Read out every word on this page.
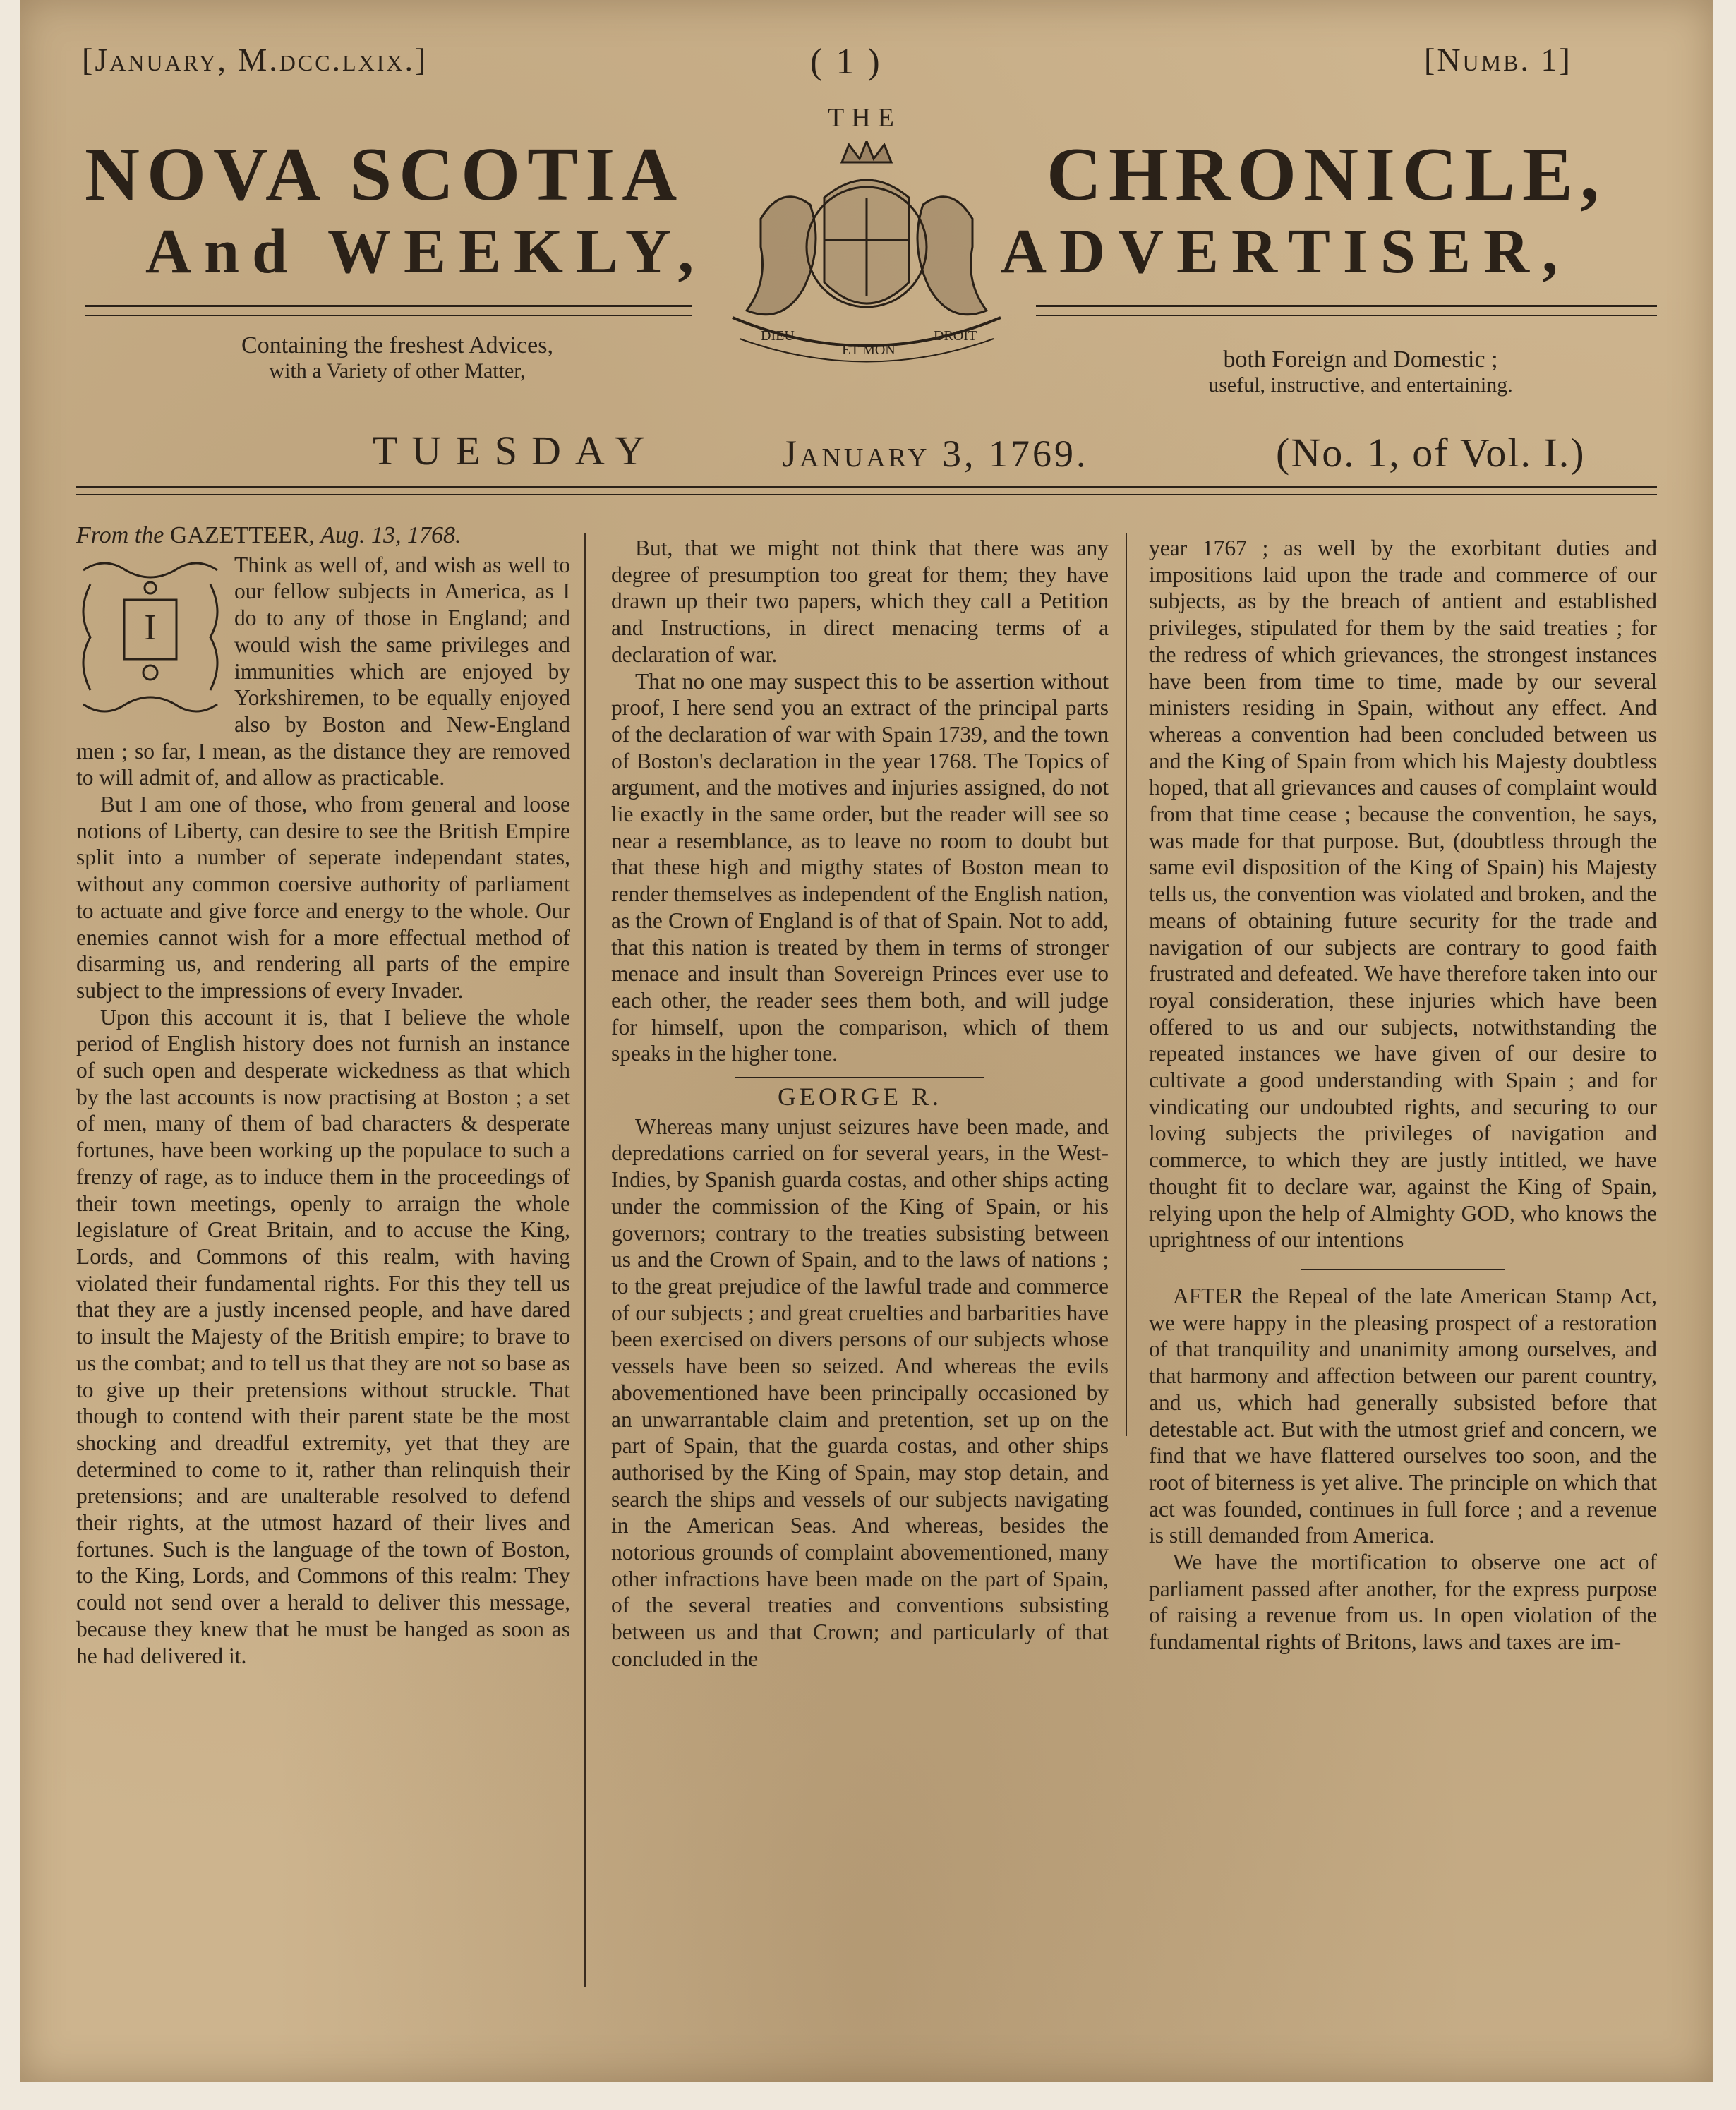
[January, M.dcc.lxix.]	( 1 )	[Numb. 1]
THE
NOVA SCOTIA	CHRONICLE,
And WEEKLY,	ADVERTISER,
DIEU
ET MON
DROIT
Containing the freshest Advices,
with a Variety of other Matter,	both Foreign and Domestic ;
useful, instructive, and entertaining.
TUESDAY	January 3, 1769.	(No. 1, of Vol. I.)
From the GAZETTEER, Aug. 13, 1768.
I

Think as well of, and wish as well to our fellow subjects in America, as I do to any of those in England; and would wish the same privileges and immunities which are enjoyed by Yorkshiremen, to be equally enjoyed also by Boston and New-England men ; so far, I mean, as the distance they are removed to will admit of, and allow as practicable.

But I am one of those, who from general and loose notions of Liberty, can desire to see the British Empire split into a number of seperate independant states, without any common coersive authority of parliament to actuate and give force and energy to the whole. Our enemies cannot wish for a more effectual method of disarming us, and rendering all parts of the empire subject to the impressions of every Invader.

Upon this account it is, that I believe the whole period of English history does not furnish an instance of such open and desperate wickedness as that which by the last accounts is now practising at Boston ; a set of men, many of them of bad characters & desperate fortunes, have been working up the populace to such a frenzy of rage, as to induce them in the proceedings of their town meetings, openly to arraign the whole legislature of Great Britain, and to accuse the King, Lords, and Commons of this realm, with having violated their fundamental rights. For this they tell us that they are a justly incensed people, and have dared to insult the Majesty of the British empire; to brave to us the combat; and to tell us that they are not so base as to give up their pretensions without struckle. That though to contend with their parent state be the most shocking and dreadful extremity, yet that they are determined to come to it, rather than relinquish their pretensions; and are unalterable resolved to defend their rights, at the utmost hazard of their lives and fortunes. Such is the language of the town of Boston, to the King, Lords, and Commons of this realm: They could not send over a herald to deliver this message, because they knew that he must be hanged as soon as he had delivered it.

But, that we might not think that there was any degree of presumption too great for them; they have drawn up their two papers, which they call a Petition and Instructions, in direct menacing terms of a declaration of war.

That no one may suspect this to be assertion without proof, I here send you an extract of the principal parts of the declaration of war with Spain 1739, and the town of Boston's declaration in the year 1768. The Topics of argument, and the motives and injuries assigned, do not lie exactly in the same order, but the reader will see so near a resemblance, as to leave no room to doubt but that these high and migthy states of Boston mean to render themselves as independent of the English nation, as the Crown of England is of that of Spain. Not to add, that this nation is treated by them in terms of stronger menace and insult than Sovereign Princes ever use to each other, the reader sees them both, and will judge for himself, upon the comparison, which of them speaks in the higher tone.

GEORGE R.

Whereas many unjust seizures have been made, and depredations carried on for several years, in the West-Indies, by Spanish guarda costas, and other ships acting under the commission of the King of Spain, or his governors; contrary to the treaties subsisting between us and the Crown of Spain, and to the laws of nations ; to the great prejudice of the lawful trade and commerce of our subjects ; and great cruelties and barbarities have been exercised on divers persons of our subjects whose vessels have been so seized. And whereas the evils abovementioned have been principally occasioned by an unwarrantable claim and pretention, set up on the part of Spain, that the guarda costas, and other ships authorised by the King of Spain, may stop detain, and search the ships and vessels of our subjects navigating in the American Seas. And whereas, besides the notorious grounds of complaint abovementioned, many other infractions have been made on the part of Spain, of the several treaties and conventions subsisting between us and that Crown; and particularly of that concluded in the

year 1767 ; as well by the exorbitant duties and impositions laid upon the trade and commerce of our subjects, as by the breach of antient and established privileges, stipulated for them by the said treaties ; for the redress of which grievances, the strongest instances have been from time to time, made by our several ministers residing in Spain, without any effect. And whereas a convention had been concluded between us and the King of Spain from which his Majesty doubtless hoped, that all grievances and causes of complaint would from that time cease ; because the convention, he says, was made for that purpose. But, (doubtless through the same evil disposition of the King of Spain) his Majesty tells us, the convention was violated and broken, and the means of obtaining future security for the trade and navigation of our subjects are contrary to good faith frustrated and defeated. We have therefore taken into our royal consideration, these injuries which have been offered to us and our subjects, notwithstanding the repeated instances we have given of our desire to cultivate a good understanding with Spain ; and for vindicating our undoubted rights, and securing to our loving subjects the privileges of navigation and commerce, to which they are justly intitled, we have thought fit to declare war, against the King of Spain, relying upon the help of Almighty GOD, who knows the uprightness of our intentions

AFTER the Repeal of the late American Stamp Act, we were happy in the pleasing prospect of a restoration of that tranquility and unanimity among ourselves, and that harmony and affection between our parent country, and us, which had generally subsisted before that detestable act. But with the utmost grief and concern, we find that we have flattered ourselves too soon, and the root of biterness is yet alive. The principle on which that act was founded, continues in full force ; and a revenue is still demanded from America.

We have the mortification to observe one act of parliament passed after another, for the express purpose of raising a revenue from us. In open violation of the fundamental rights of Britons, laws and taxes are im-
